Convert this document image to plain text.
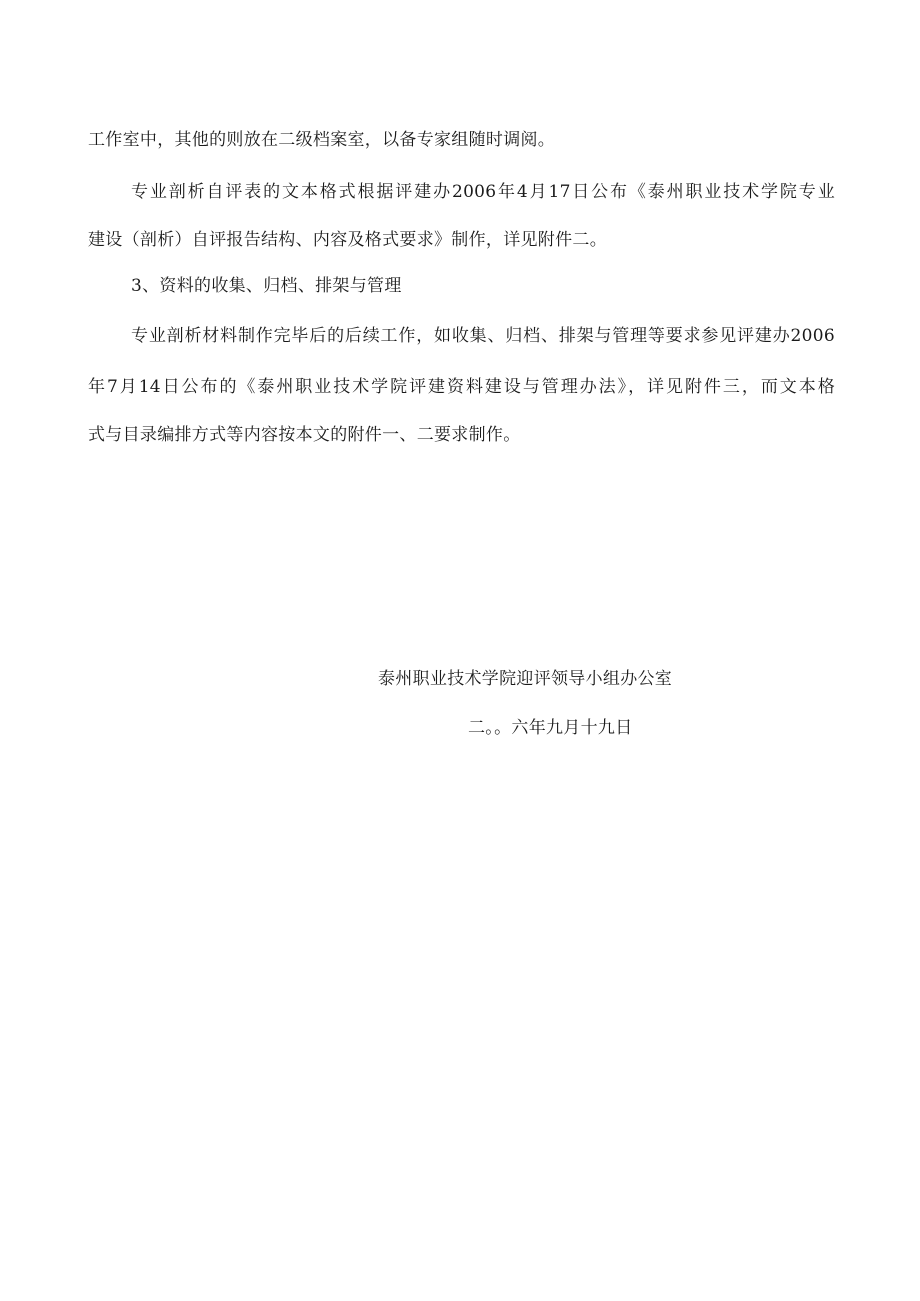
工作室中，其他的则放在二级档案室，以备专家组随时调阅。
专业剖析自评表的文本格式根据评建办2006年4月17日公布《泰州职业技术学院专业
建设（剖析）自评报告结构、内容及格式要求》制作，详见附件二。
3、资料的收集、归档、排架与管理
专业剖析材料制作完毕后的后续工作，如收集、归档、排架与管理等要求参见评建办2006
年7月14日公布的《泰州职业技术学院评建资料建设与管理办法》，详见附件三，而文本格
式与目录编排方式等内容按本文的附件一、二要求制作。
泰州职业技术学院迎评领导小组办公室
二。。六年九月十九日
